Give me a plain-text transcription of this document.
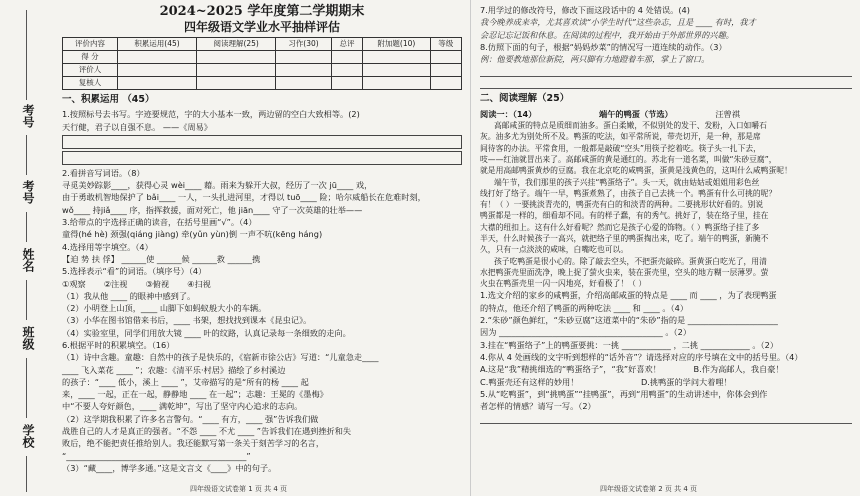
考号
考号
姓名
班级
学校
2024~2025 学年度第二学期期末
四年级语文学业水平抽样评估
评价内容	积累运用(45)	阅读理解(25)	习作(30)	总评	附加题(10)	等级
得 分						
评价人						
复核人						
一、积累运用 （45）

1.按照标号去书写。字迹要规范，字的大小基本一致，两边留的空白大致相等。(2)

天行健，君子以自强不息。 ——《周易》

2.看拼音写词语。（8）

寻觅美妙踪影____，获得心灵 wèi____ 藉。雨来为躲开大叔，经历了一次 jū____ 戏，

由于勇敢机智地保护了 bǎi____ 一人，一头扎进河里，才得以 tuō____ 险；哈尔威船长在危难时刻，

wǒ____ 持jiǎ____ 序，指挥救援，面对死亡，他 jiān____ 守了一次英雄的壮举——

3.给带点的字选择正确的读音，在括号里画“√”。（4）

童得(hé hè) 颈强(qiáng jiàng) 牵(yǔn yùn)倒 一声不吭(kēng háng)

4.选择用等字填空。（4）

【迫 势 扶 俘】 ______使 ______候 ______救 ______携

5.选择表示“看”的词语。（填序号）（4）

①观察 ②注视 ③俯视 ④扫视

（1）我从他 ____ 的眼神中感到了。

（2）小明登上山顶，____ 山脚下如蚂蚁般大小的车辆。

（3）小华在图书馆借来书后，____ 书架，想找找到课本《昆虫记》。

（4）实验室里，同学们用放大镜 ____ 叶的纹路，认真记录每一条细致的走向。

6.根据平时的积累填空。（16）

（1）诗中含趣。童趣：自然中的孩子是快乐的，《宿新市徐公店》写道：“儿童急走____

____ 飞入菜花 ____ ”；农趣：《清平乐·村居》描绘了乡村溪边

的孩子：“____ 低小，溪上 ____ ”，艾帝描写的是“所有的杨 ____ 起

来，____ 一起，正在一起，静静地 ____ 在一起”；志趣：王冕的《墨梅》

中“不要人夸好颜色，____ 满乾坤”，写出了坚守内心追求的志向。

（2）这学期我积累了许多名言警句。“____ 有方，____ 强”告诉我们做

战胜自己的人才是真正的强者。“不怨 ____ 不尤 ____ ”告诉我们在遇到挫折和失

败后，绝不能把责任推给别人。我还能默写第一条关于刻苦学习的名言，

“____________________________________________”

（3）“藏____，博学多通。”这是文言文《____》中的句子。

四年级语文试卷第 1 页 共 4 页

7.用学过的修改符号，修改下面这段话中的 4 处错误。(4)

我今晚养成来幸，尤其喜欢读“小学生时代”这些杂志，且是 ____ 有时，我才

会忍记忘记饭和休息。在阅读的过程中，我开始由于外部世界的兴趣。

8.仿照下面的句子，根据“妈妈炒菜”的情况写一道连续的动作。（3）

例：他要教地那位新院，两只脚有力地蹬着车那，掌上了窗口。

二、阅读理解（25）

阅读一：（14）	端午的鸭蛋（节选）	汪曾祺

高邮咸蛋的特点是质细而油多。蛋白柔嫩，不似别处的发干、发粉，入口如嚼石

灰。油多尤为别处所不及。鸭蛋的吃法，如平常所说，带壳切开，是一种，那是席

间待客的办法。平常食用，一般都是敲破“空头”用筷子挖着吃。筷子头一扎下去，

吱——红油就冒出来了。高邮咸蛋的黄是通红的。苏北有一道名菜，叫做“朱砂豆腐”，

就是用高邮鸭蛋黄炒的豆腐。我在北京吃的咸鸭蛋，蛋黄是浅黄色的，这叫什么咸鸭蛋呢！

端午节，我们那里的孩子兴挂“鸭蛋络子”。头一天，就由姑姑或姐姐用彩色丝

线打好了络子。端午一早，鸭蛋煮熟了，由孩子自己去挑一个。鸭蛋有什么可挑的呢？

有！（ ）一要挑淡青壳的，鸭蛋壳有白的和淡青的两种。二要挑形状好看的。别说

鸭蛋都是一样的，细看却不同。有的样子蠢，有的秀气。挑好了，装在络子里，挂在

大襟的纽扣上。这有什么好看呢？然而它是孩子心爱的饰物。（ ）鸭蛋络子挂了多

半天，什么时候孩子一高兴，就把络子里的鸭蛋掏出来，吃了。端午的鸭蛋，新腌不

久，只有一点淡淡的咸味，白嘴吃也可以。

孩子吃鸭蛋是很小心的。除了敲去空头，不把蛋壳敲碎。蛋黄蛋白吃光了，用清

水把鸭蛋壳里面洗净，晚上捉了萤火虫来，装在蛋壳里，空头的地方糊一层薄罗。萤

火虫在鸭蛋壳里一闪一闪地亮，好看极了！（ ）

1.选文介绍的家乡的咸鸭蛋，介绍高邮咸蛋的特点是 ____ 而 ____ ，为了表现鸭蛋

的特点，他还介绍了鸭蛋的两种吃法 ____ 和 ____ 。（4）

2.“朱砂”颜色鲜红，“朱砂豆腐”这道菜中的“朱砂”指的是 ______________________

因为 ________________________________________ 。（2）

3.挂在“鸭蛋络子”上的鸭蛋要挑：一挑 ____________ ，二挑 ____________ 。（2）

4.你从 4 处画线的文字听到想样的“话外音”？请选择对应的序号填在文中的括号里。（4）

A.这是“我”精挑细选的“鸭蛋络子”，“我”好喜欢！	B.作为高邮人，我自豪！

C.鸭蛋壳还有这样的妙用！	D.挑鸭蛋的学问大着哩！

5.从“吃鸭蛋”，到“挑鸭蛋”“挂鸭蛋”，再到“用鸭蛋”的生动讲述中，你体会到作

者怎样的情感？请写一写。（2）

四年级语文试卷第 2 页 共 4 页
